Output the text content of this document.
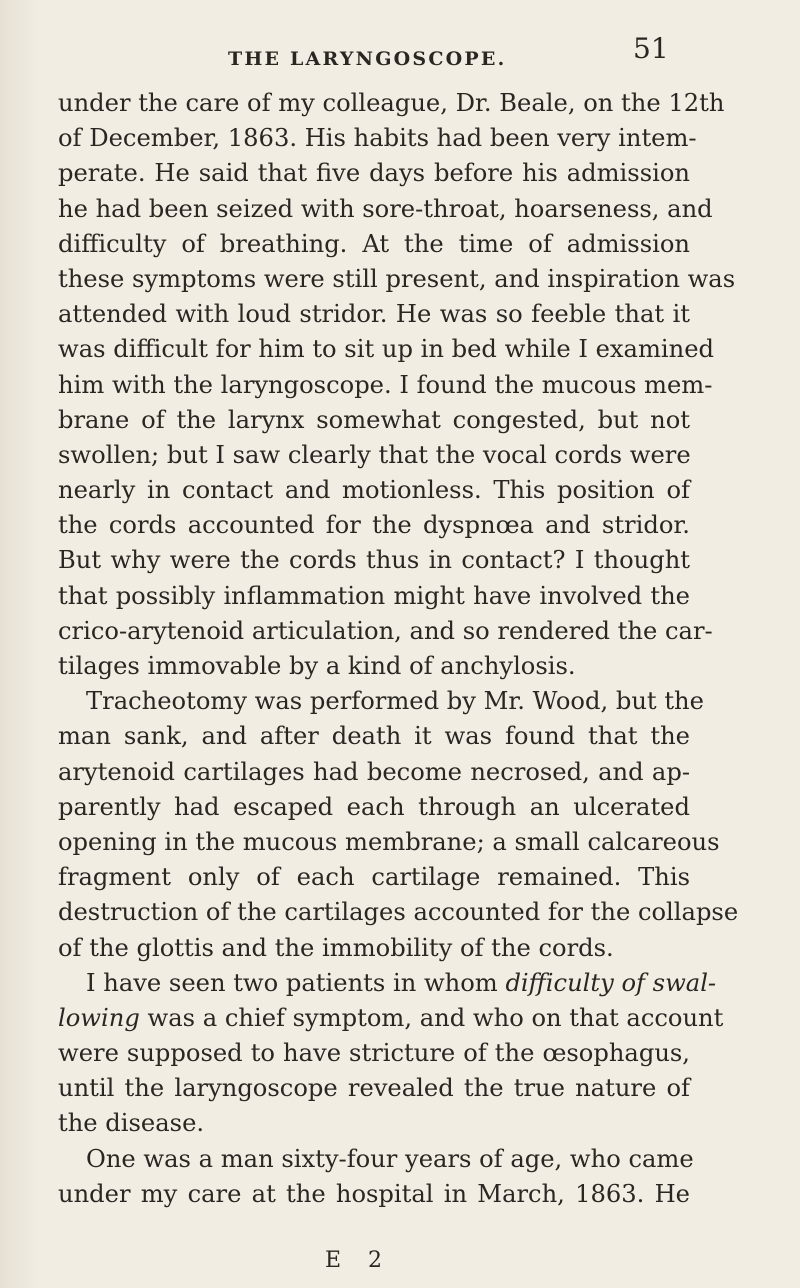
THE LARYNGOSCOPE.	51
under the care of my colleague, Dr. Beale, on the 12th
of December, 1863. His habits had been very intem-
perate. He said that five days before his admission
he had been seized with sore-throat, hoarseness, and
difficulty of breathing. At the time of admission
these symptoms were still present, and inspiration was
attended with loud stridor. He was so feeble that it
was difficult for him to sit up in bed while I examined
him with the laryngoscope. I found the mucous mem-
brane of the larynx somewhat congested, but not
swollen; but I saw clearly that the vocal cords were
nearly in contact and motionless. This position of
the cords accounted for the dyspnœa and stridor.
But why were the cords thus in contact? I thought
that possibly inflammation might have involved the
crico-arytenoid articulation, and so rendered the car-
tilages immovable by a kind of anchylosis.
Tracheotomy was performed by Mr. Wood, but the
man sank, and after death it was found that the
arytenoid cartilages had become necrosed, and ap-
parently had escaped each through an ulcerated
opening in the mucous membrane; a small calcareous
fragment only of each cartilage remained. This
destruction of the cartilages accounted for the collapse
of the glottis and the immobility of the cords.
I have seen two patients in whom difficulty of swal-
lowing was a chief symptom, and who on that account
were supposed to have stricture of the œsophagus,
until the laryngoscope revealed the true nature of
the disease.
One was a man sixty-four years of age, who came
under my care at the hospital in March, 1863. He
E 2
